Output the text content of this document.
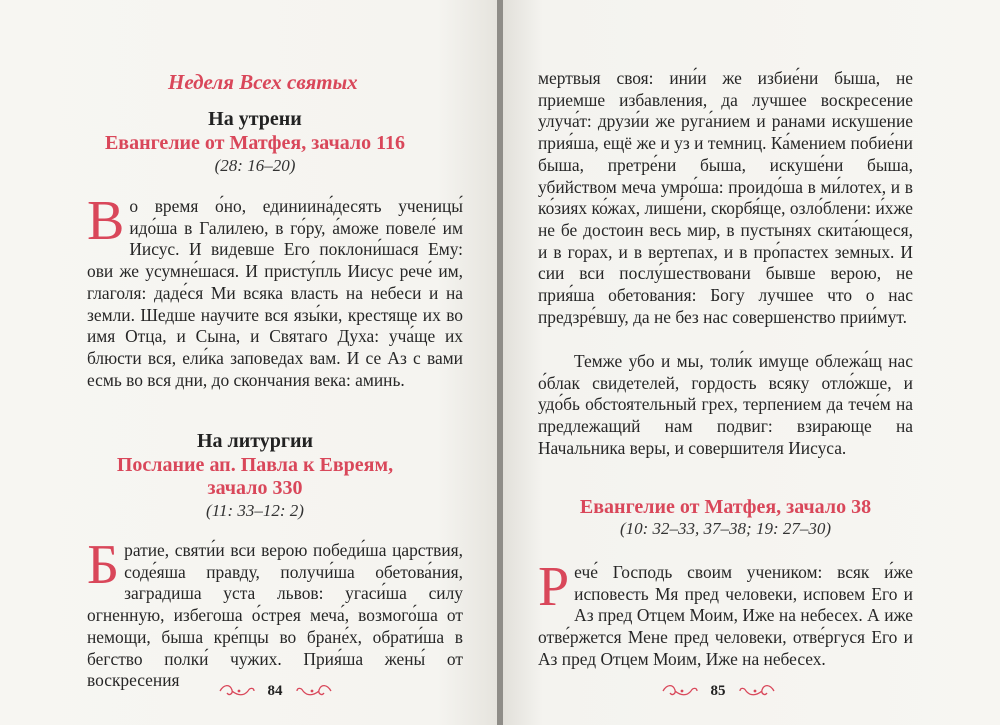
Неделя Всех святых
На утрени
Евангелие от Матфея, зачало 116
(28: 16–20)

Во время о́но, единиина́десять ученицы́ идо́ша в Галилею, в го́ру, а́може повеле́ им Иисус. И видевше Его поклони́шася Ему: ови же усумне́шася. И присту́пль Иисус рече́ им, глаголя: даде́ся Ми всяка власть на небеси и на земли. Шедше научите вся язы́ки, крестяще их во имя Отца, и Сына, и Святаго Духа: уча́ще их блюсти вся, ели́ка заповедах вам. И се Аз с вами есмь во вся дни, до скончания века: аминь.

На литургии
Послание ап. Павла к Евреям,
зачало 330
(11: 33–12: 2)

Братие, святи́и вси верою победи́ша царствия, соде́яша правду, получи́ша обетова́ния, заградиша уста львов: угаси́ша силу огненную, избегоша о́стрея меча́, возмого́ша от немощи, быша кре́пцы во бране́х, обрати́ша в бегство полки́ чужих. Прия́ша жены́ от воскресения

84

мертвыя своя: ини́и же избие́ни быша, не приемше избавления, да лучшее воскресение улуча́т: друзи́и же руга́нием и ранами искушение прия́ша, ещё же и уз и темниц. Ка́мением побие́ни быша, претре́ни быша, искуше́ни быша, убийством меча умро́ша: проидо́ша в ми́лотех, и в ко́зиях ко́жах, лише́ни, скорбя́ще, озло́блени: и́хже не бе достоин весь мир, в пустынях скита́ющеся, и в горах, и в вертепах, и в про́пастех земных. И сии вси послу́шествовани бывше верою, не прия́ша обетования: Богу лучшее что о нас предзре́вшу, да не без нас совершенство прии́мут.

Темже убо и мы, толи́к имуще облежа́щ нас о́блак свидетелей, гордость всяку отло́жше, и удо́бь обстоятельный грех, терпением да тече́м на предлежащий нам подвиг: взирающе на Начальника веры, и совершителя Иисуса.

Евангелие от Матфея, зачало 38
(10: 32–33, 37–38; 19: 27–30)

Рече́ Господь своим учеником: всяк и́же исповесть Мя пред человеки, исповем Его и Аз пред Отцем Моим, Иже на небесех. А иже отве́ржется Мене пред человеки, отве́ргуся Его и Аз пред Отцем Моим, Иже на небесех.

85
